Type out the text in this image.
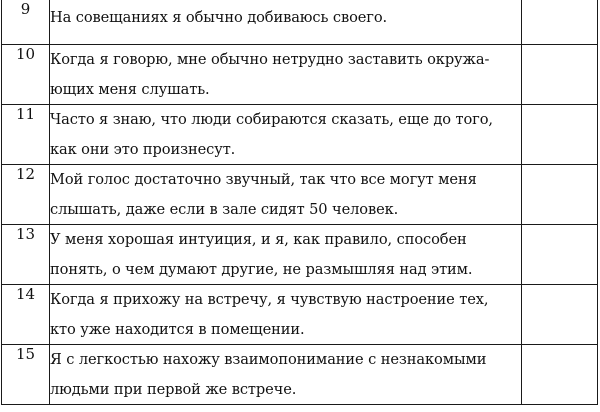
9	На совещаниях я обычно добиваюсь своего.	

10	Когда я говорю, мне обычно нетрудно заставить окружа-
ющих меня слушать.	

11	Часто я знаю, что люди собираются сказать, еще до того,
как они это произнесут.	

12	Мой голос достаточно звучный, так что все могут меня
слышать, даже если в зале сидят 50 человек.	

13	У меня хорошая интуиция, и я, как правило, способен
понять, о чем думают другие, не размышляя над этим.	

14	Когда я прихожу на встречу, я чувствую настроение тех,
кто уже находится в помещении.	

15	Я с легкостью нахожу взаимопонимание с незнакомыми
людьми при первой же встрече.	
